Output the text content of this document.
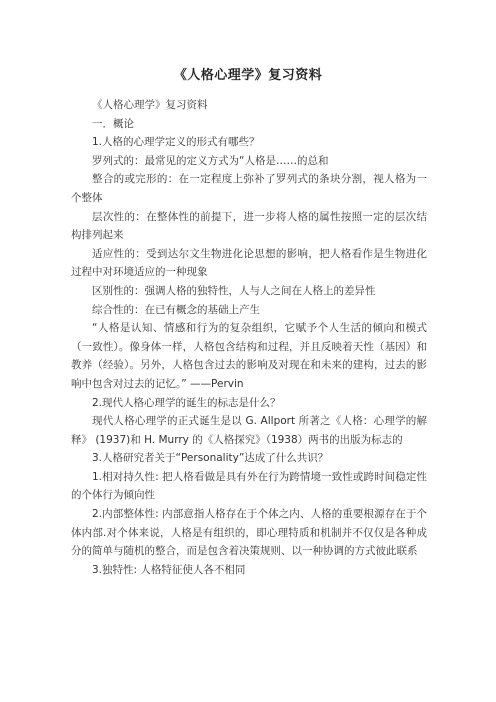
《人格心理学》复习资料

《人格心理学》复习资料

一．概论

1.人格的心理学定义的形式有哪些？

罗列式的：最常见的定义方式为“人格是……的总和

整合的或完形的：在一定程度上弥补了罗列式的条块分割，视人格为一个整体

层次性的：在整体性的前提下，进一步将人格的属性按照一定的层次结构排列起来

适应性的：受到达尔文生物进化论思想的影响，把人格看作是生物进化过程中对环境适应的一种现象

区别性的：强调人格的独特性，人与人之间在人格上的差异性

综合性的：在已有概念的基础上产生

“人格是认知、情感和行为的复杂组织，它赋予个人生活的倾向和模式（一致性）。像身体一样，人格包含结构和过程，并且反映着天性（基因）和教养（经验）。另外，人格包含过去的影响及对现在和未来的建构，过去的影响中包含对过去的记忆。” ——Pervin

2.现代人格心理学的诞生的标志是什么？

现代人格心理学的正式诞生是以 G. Allport 所著之《人格：心理学的解释》 (1937)和 H. Murry 的《人格探究》（1938）两书的出版为标志的

3.人格研究者关于“Personality”达成了什么共识？

1.相对持久性: 把人格看做是具有外在行为跨情境一致性或跨时间稳定性的个体行为倾向性

2.内部整体性: 内部意指人格存在于个体之内、人格的重要根源存在于个体内部.对个体来说，人格是有组织的，即心理特质和机制并不仅仅是各种成分的简单与随机的整合，而是包含着决策规则、以一种协调的方式彼此联系

3.独特性: 人格特征使人各不相同
